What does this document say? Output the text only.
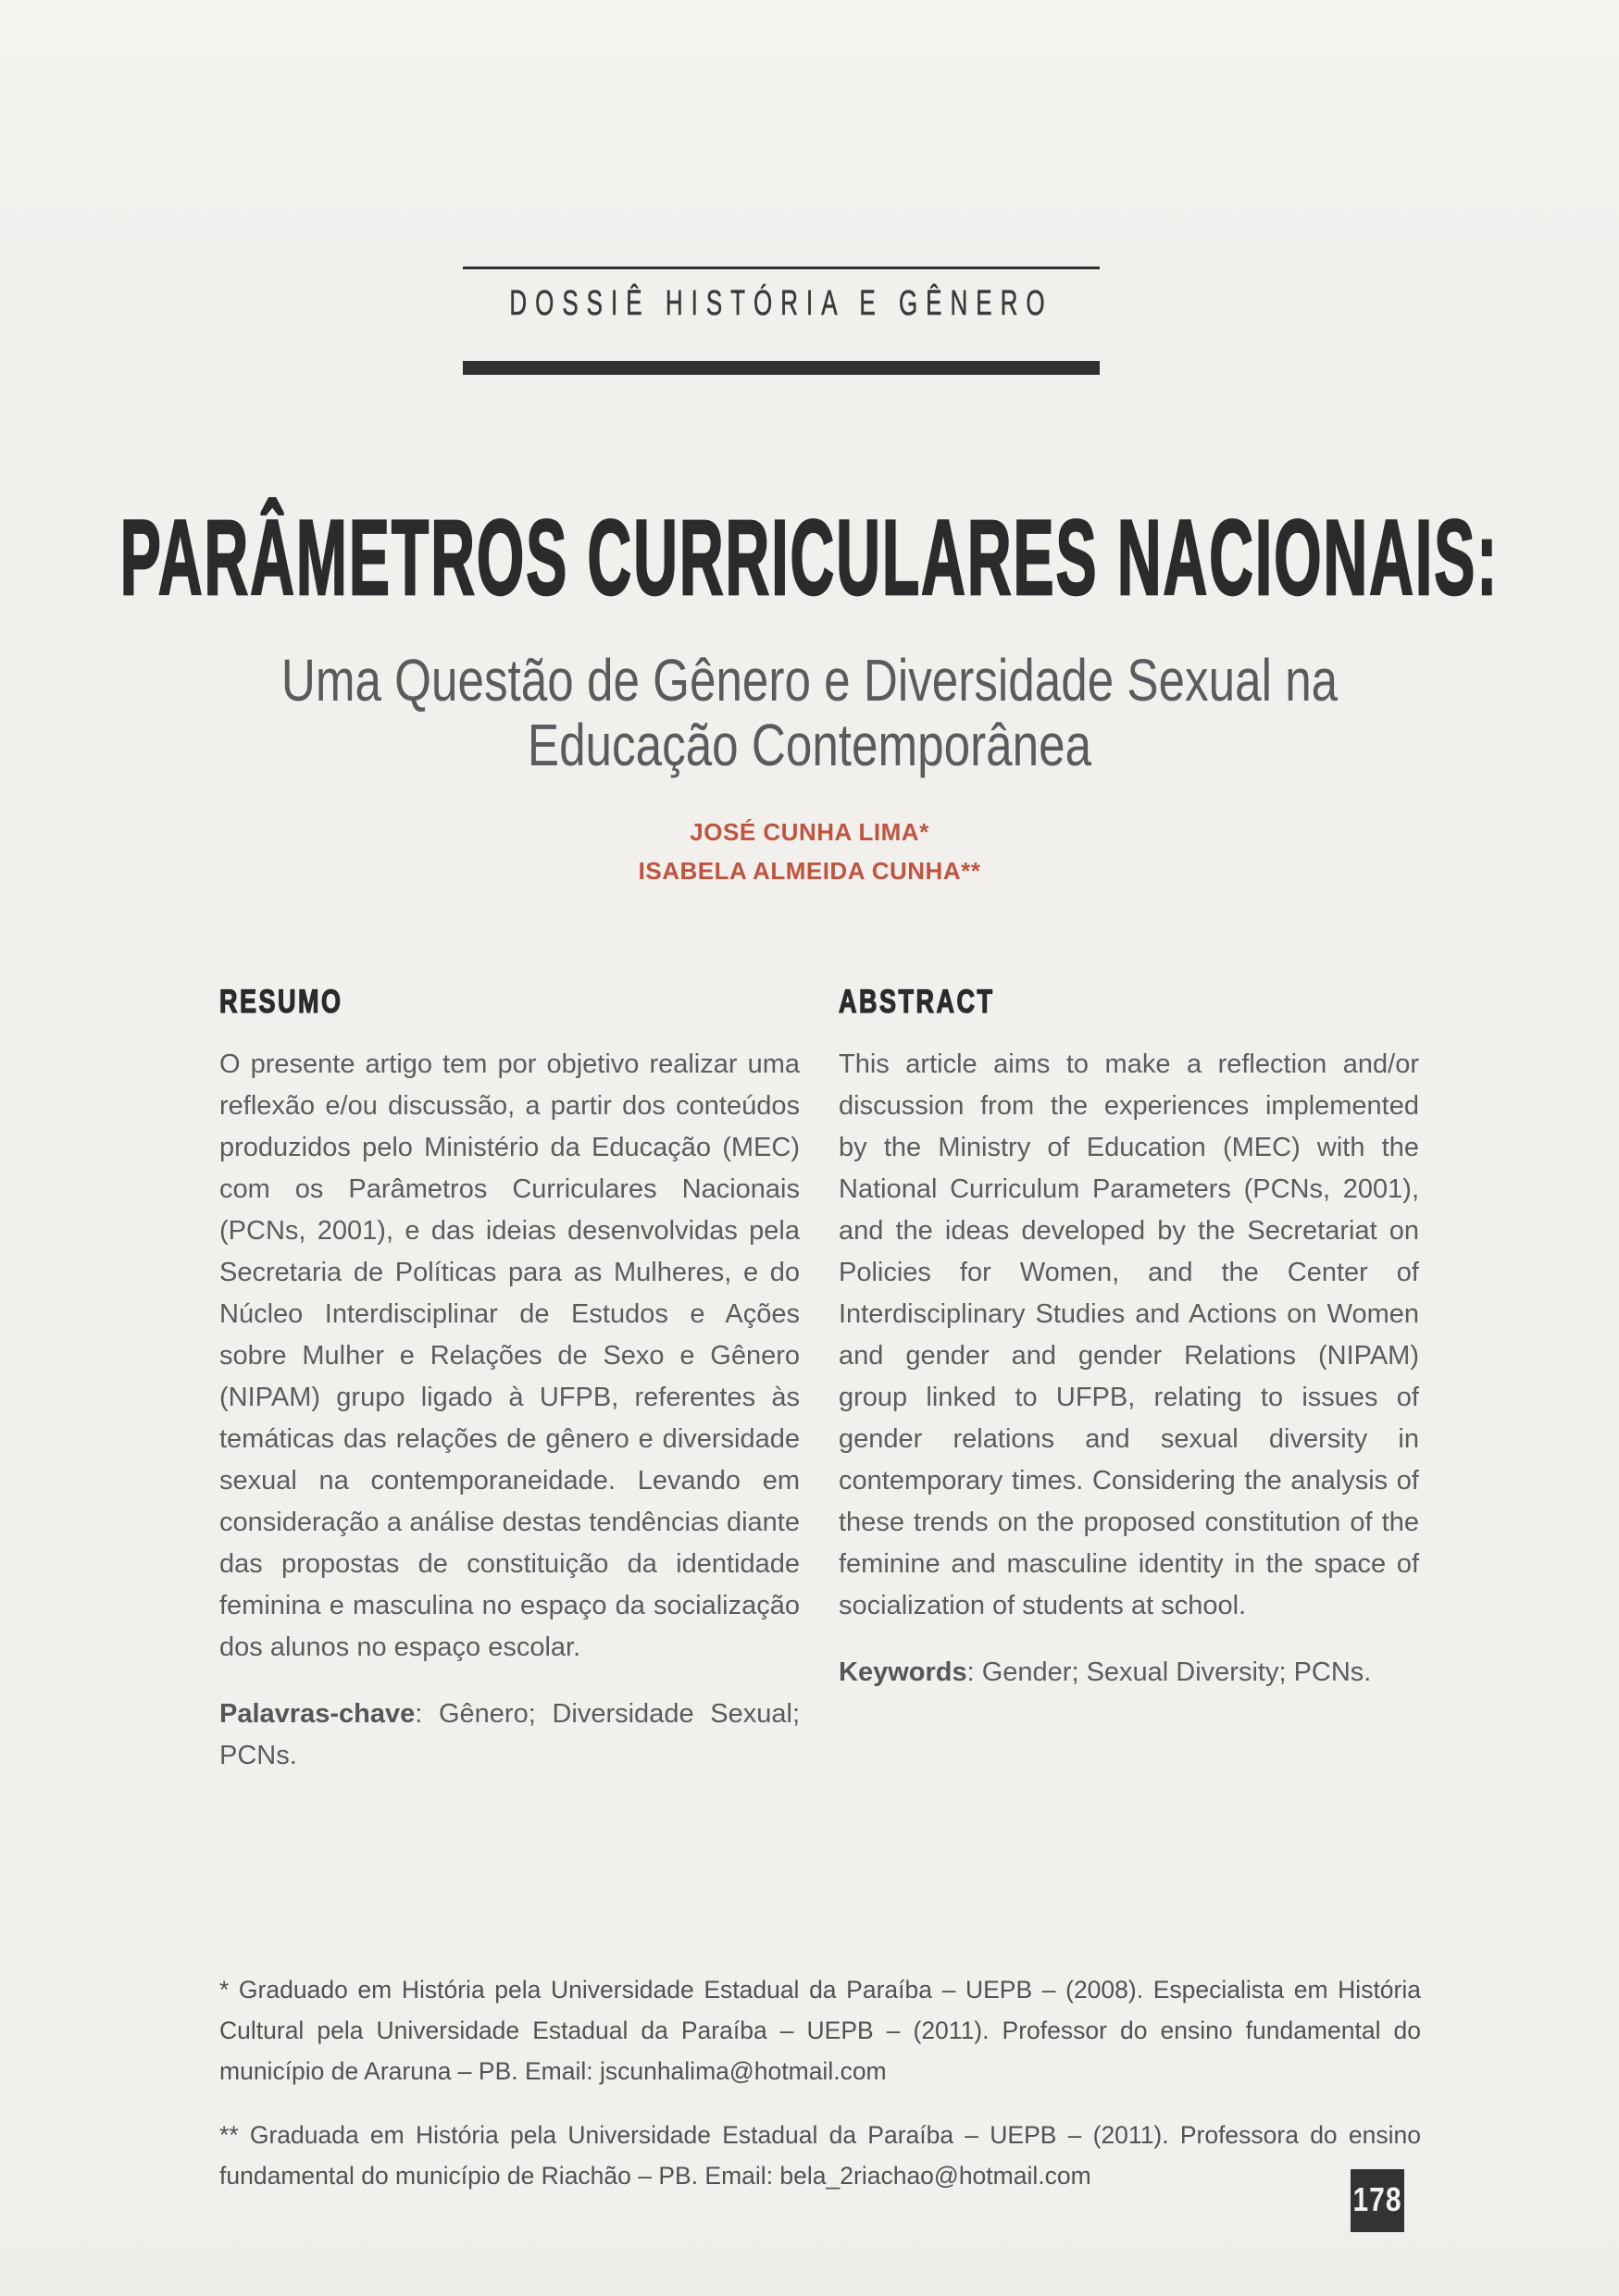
DOSSIÊ HISTÓRIA E GÊNERO
PARÂMETROS CURRICULARES NACIONAIS:
Uma Questão de Gênero e Diversidade Sexual na
Educação Contemporânea
JOSÉ CUNHA LIMA*
ISABELA ALMEIDA CUNHA**
RESUMO

O presente artigo tem por objetivo realizar uma reflexão e/ou discussão, a partir dos conteúdos produzidos pelo Ministério da Educação (MEC) com os Parâmetros Curriculares Nacionais (PCNs, 2001), e das ideias desenvolvidas pela Secretaria de Políticas para as Mulheres, e do Núcleo Interdisciplinar de Estudos e Ações sobre Mulher e Relações de Sexo e Gênero (NIPAM) grupo ligado à UFPB, referentes às temáticas das relações de gênero e diversidade sexual na contemporaneidade. Levando em consideração a análise destas tendências diante das propostas de constituição da identidade feminina e masculina no espaço da socialização dos alunos no espaço escolar.

Palavras-chave: Gênero; Diversidade Sexual; PCNs.

ABSTRACT

This article aims to make a reflection and/or discussion from the experiences implemented by the Ministry of Education (MEC) with the National Curriculum Parameters (PCNs, 2001), and the ideas developed by the Secretariat on Policies for Women, and the Center of Interdisciplinary Studies and Actions on Women and gender and gender Relations (NIPAM) group linked to UFPB, relating to issues of gender relations and sexual diversity in contemporary times. Considering the analysis of these trends on the proposed constitution of the feminine and masculine identity in the space of socialization of students at school.

Keywords: Gender; Sexual Diversity; PCNs.

* Graduado em História pela Universidade Estadual da Paraíba – UEPB – (2008). Especialista em História Cultural pela Universidade Estadual da Paraíba – UEPB – (2011). Professor do ensino fundamental do município de Araruna – PB. Email: jscunhalima@hotmail.com

** Graduada em História pela Universidade Estadual da Paraíba – UEPB – (2011). Professora do ensino fundamental do município de Riachão – PB. Email: bela_2riachao@hotmail.com

178
